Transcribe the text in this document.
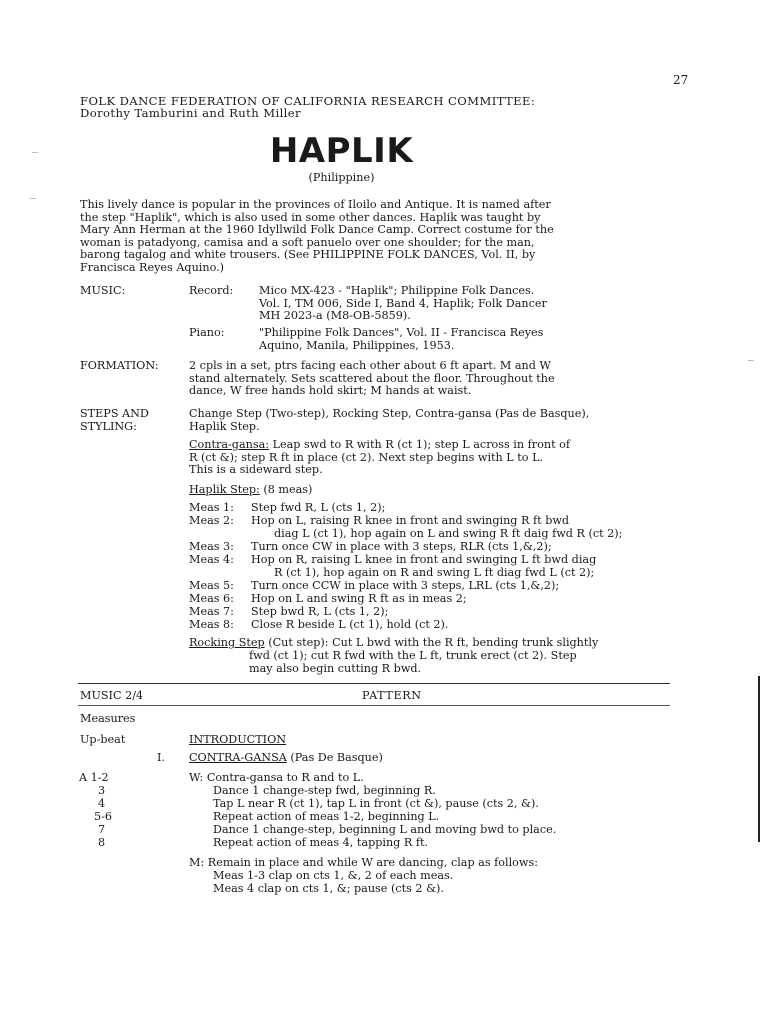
27

FOLK DANCE FEDERATION OF CALIFORNIA RESEARCH COMMITTEE:

Dorothy Tamburini and Ruth Miller

HAPLIK

(Philippine)

This lively dance is popular in the provinces of Iloilo and Antique. It is named after
the step "Haplik", which is also used in some other dances. Haplik was taught by
Mary Ann Herman at the 1960 Idyllwild Folk Dance Camp. Correct costume for the
woman is patadyong, camisa and a soft panuelo over one shoulder; for the man,
barong tagalog and white trousers. (See PHILIPPINE FOLK DANCES, Vol. II, by
Francisca Reyes Aquino.)

MUSIC:	Record: Mico MX-423 - "Haplik"; Philippine Folk Dances.
Vol. I, TM 006, Side I, Band 4, Haplik; Folk Dancer
MH 2023-a (M8-OB-5859).

Piano:	"Philippine Folk Dances", Vol. II - Francisca Reyes
Aquino, Manila, Philippines, 1953.

FORMATION:	2 cpls in a set, ptrs facing each other about 6 ft apart. M and W
stand alternately. Sets scattered about the floor. Throughout the
dance, W free hands hold skirt; M hands at waist.
STEPS AND
STYLING:
Change Step (Two-step), Rocking Step, Contra-gansa (Pas de Basque),
Haplik Step.
Contra-gansa: Leap swd to R with R (ct 1); step L across in front of
R (ct &); step R ft in place (ct 2). Next step begins with L to L.
This is a sideward step.

Haplik Step: (8 meas)

Meas 1: Step fwd R, L (cts 1, 2);

Meas 2: Hop on L, raising R knee in front and swinging R ft bwd

diag L (ct 1), hop again on L and swing R ft daig fwd R (ct 2);

Meas 3: Turn once CW in place with 3 steps, RLR (cts 1,&,2);

Meas 4: Hop on R, raising L knee in front and swinging L ft bwd diag

R (ct 1), hop again on R and swing L ft diag fwd L (ct 2);

Meas 5: Turn once CCW in place with 3 steps, LRL (cts 1,&,2);

Meas 6: Hop on L and swing R ft as in meas 2;

Meas 7: Step bwd R, L (cts 1, 2);

Meas 8: Close R beside L (ct 1), hold (ct 2).

Rocking Step (Cut step): Cut L bwd with the R ft, bending trunk slightly

fwd (ct 1); cut R fwd with the L ft, trunk erect (ct 2). Step
may also begin cutting R bwd.

MUSIC 2/4	PATTERN

Measures

Up-beat	INTRODUCTION

I. CONTRA-GANSA (Pas De Basque)

A 1-2	W: Contra-gansa to R and to L.

3	Dance 1 change-step fwd, beginning R.

4	Tap L near R (ct 1), tap L in front (ct &), pause (cts 2, &).

5-6	Repeat action of meas 1-2, beginning L.

7	Dance 1 change-step, beginning L and moving bwd to place.

8	Repeat action of meas 4, tapping R ft.

M: Remain in place and while W are dancing, clap as follows:

Meas 1-3 clap on cts 1, &, 2 of each meas.

Meas 4 clap on cts 1, &; pause (cts 2 &).
